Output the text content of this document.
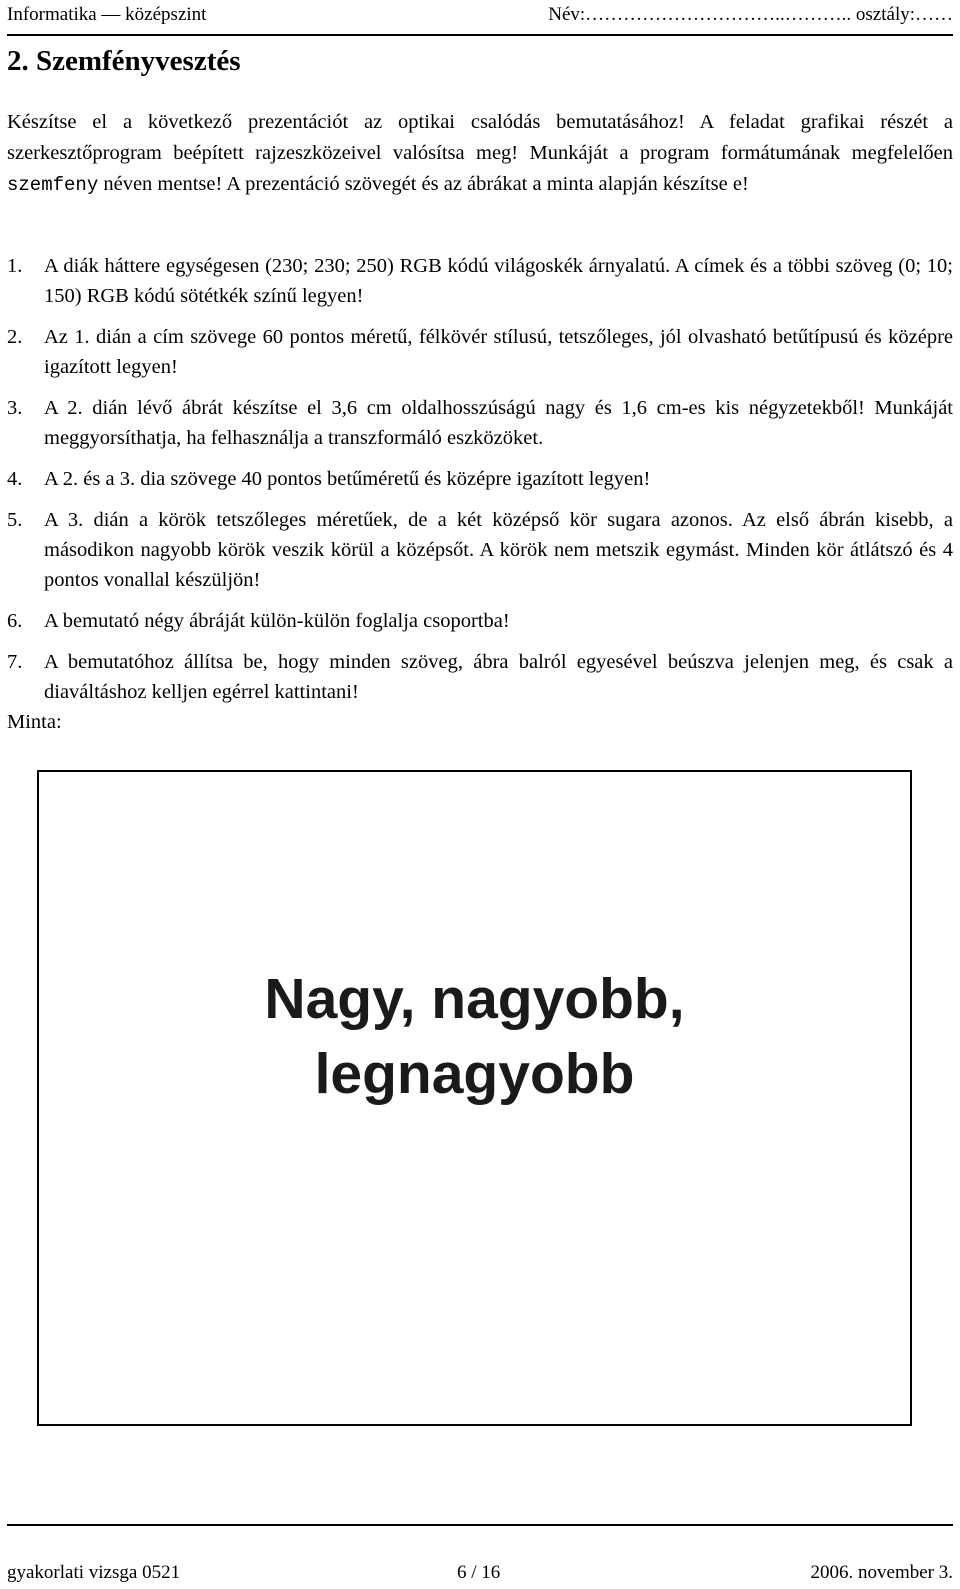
Informatika — középszint	Név:…………………………..……….. osztály:……
2. Szemfényvesztés
Készítse el a következő prezentációt az optikai csalódás bemutatásához! A feladat grafikai részét a szerkesztőprogram beépített rajzeszközeivel valósítsa meg! Munkáját a program formátumának megfelelően szemfeny néven mentse! A prezentáció szövegét és az ábrákat a minta alapján készítse e!
1. A diák háttere egységesen (230; 230; 250) RGB kódú világoskék árnyalatú. A címek és a többi szöveg (0; 10; 150) RGB kódú sötétkék színű legyen!
2. Az 1. dián a cím szövege 60 pontos méretű, félkövér stílusú, tetszőleges, jól olvasható betűtípusú és középre igazított legyen!
3. A 2. dián lévő ábrát készítse el 3,6 cm oldalhosszúságú nagy és 1,6 cm-es kis négyzetekből! Munkáját meggyorsíthatja, ha felhasználja a transzformáló eszközöket.
4. A 2. és a 3. dia szövege 40 pontos betűméretű és középre igazított legyen!
5. A 3. dián a körök tetszőleges méretűek, de a két középső kör sugara azonos. Az első ábrán kisebb, a másodikon nagyobb körök veszik körül a középsőt. A körök nem metszik egymást. Minden kör átlátszó és 4 pontos vonallal készüljön!
6. A bemutató négy ábráját külön-külön foglalja csoportba!
7. A bemutatóhoz állítsa be, hogy minden szöveg, ábra balról egyesével beúszva jelenjen meg, és csak a diaváltáshoz kelljen egérrel kattintani!
Minta:
Nagy, nagyobb,
legnagyobb
gyakorlati vizsga 0521	6 / 16	2006. november 3.
